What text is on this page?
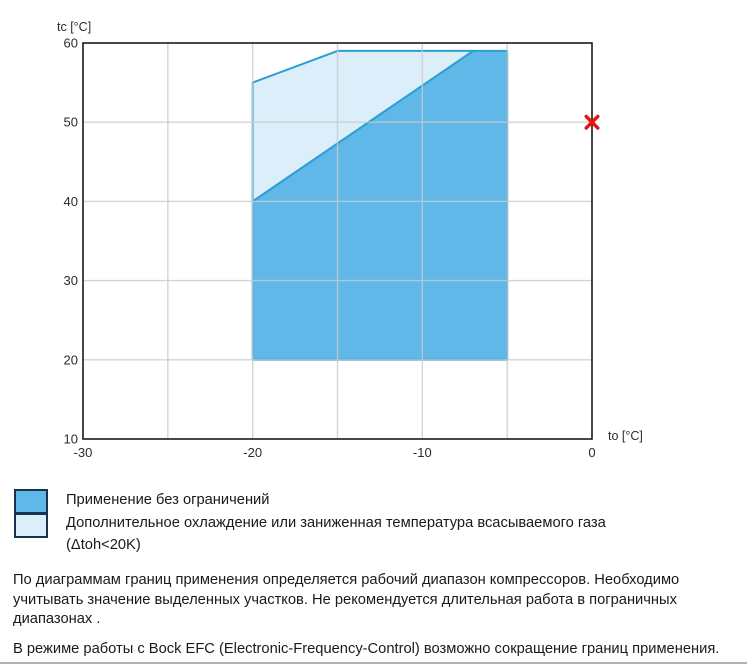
tc [°C]
to [°C]
-30	-20	-10	0
60
50
40
30
20
10
Применение без ограничений
Дополнительное охлаждение или заниженная температура всасываемого газа
(Δtoh<20K)

По диаграммам границ применения определяется рабочий диапазон компрессоров. Необходимо учитывать значение выделенных участков. Не рекомендуется длительная работа в пограничных диапазонах .

В режиме работы с Bock EFC (Electronic-Frequency-Control) возможно сокращение границ применения.
